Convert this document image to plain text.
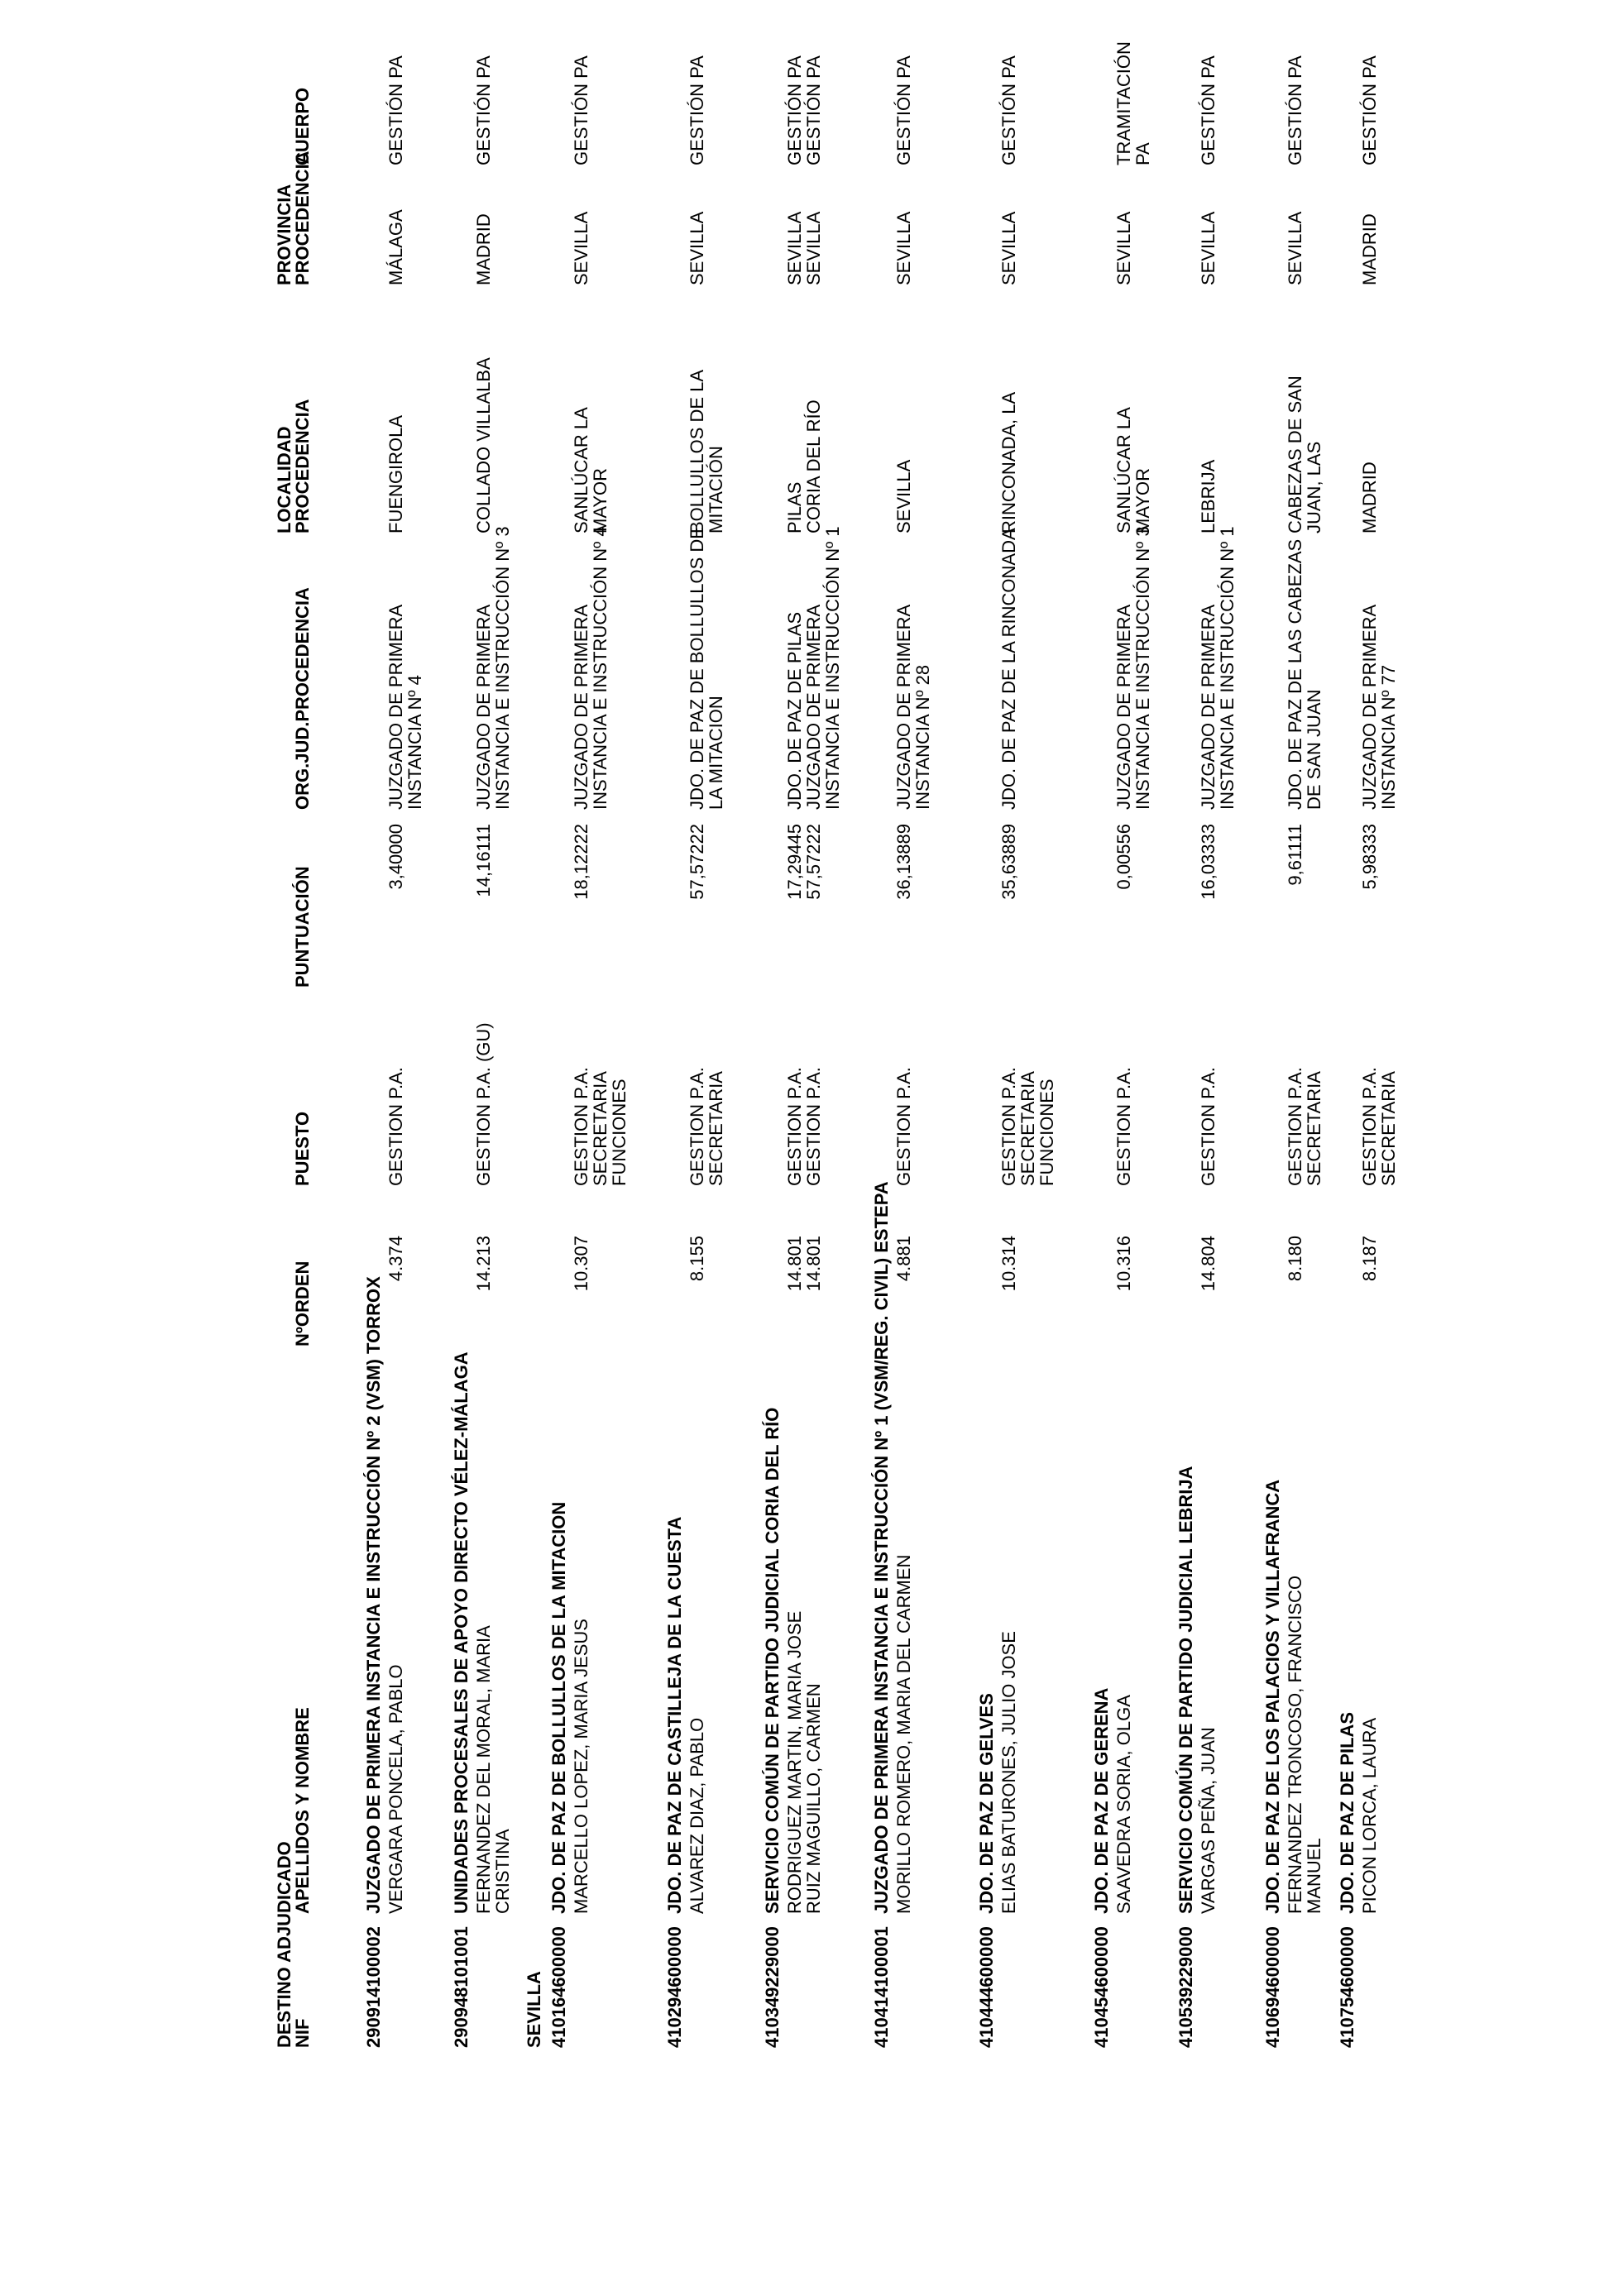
DESTINO ADJUDICADO
NIF
APELLIDOS Y NOMBRE
NºORDEN
PUESTO
PUNTUACIÓN
ORG.JUD.PROCEDENCIA
LOCALIDAD
PROCEDENCIA
PROVINCIA
PROCEDENCIA
CUERPO
SEVILLA
290914100002
JUZGADO DE PRIMERA INSTANCIA E INSTRUCCIÓN Nº 2 (VSM) TORROX VERGARA PONCELA, PABLO
4.374
GESTION P.A.
3,40000
JUZGADO DE PRIMERA
INSTANCIA Nº 4
FUENGIROLA
MÁLAGA
GESTIÓN PA
290948101001
UNIDADES PROCESALES DE APOYO DIRECTO VÉLEZ-MÁLAGA FERNANDEZ DEL MORAL, MARIA
CRISTINA
14.213
GESTION P.A. (GU)
14,16111
JUZGADO DE PRIMERA
INSTANCIA E INSTRUCCIÓN Nº 3
COLLADO VILLALBA
MADRID
GESTIÓN PA
410164600000
JDO. DE PAZ DE BOLLULLOS DE LA MITACION MARCELLO LOPEZ, MARIA JESUS
10.307
GESTION P.A.
SECRETARIA
FUNCIONES
18,12222
JUZGADO DE PRIMERA
INSTANCIA E INSTRUCCIÓN Nº 4
SANLÚCAR LA
MAYOR
SEVILLA
GESTIÓN PA
410294600000
JDO. DE PAZ DE CASTILLEJA DE LA CUESTA ALVAREZ DIAZ, PABLO
8.155
GESTION P.A.
SECRETARIA
57,57222
JDO. DE PAZ DE BOLLULLOS DE
LA MITACION
BOLLULLOS DE LA
MITACIÓN
SEVILLA
GESTIÓN PA
410349229000
SERVICIO COMÚN DE PARTIDO JUDICIAL CORIA DEL RÍO RODRIGUEZ MARTIN, MARIA JOSE
14.801
GESTION P.A.
17,29445
JDO. DE PAZ DE PILAS
PILAS
SEVILLA
GESTIÓN PA
RUIZ MAGUILLO, CARMEN
14.801
GESTION P.A.
57,57222
JUZGADO DE PRIMERA
INSTANCIA E INSTRUCCIÓN Nº 1
CORIA DEL RÍO
SEVILLA
GESTIÓN PA
410414100001
JUZGADO DE PRIMERA INSTANCIA E INSTRUCCIÓN Nº 1 (VSM/REG. CIVIL) ESTEPA MORILLO ROMERO, MARIA DEL CARMEN
4.881
GESTION P.A.
36,13889
JUZGADO DE PRIMERA
INSTANCIA Nº 28
SEVILLA
SEVILLA
GESTIÓN PA
410444600000
JDO. DE PAZ DE GELVES ELIAS BATURONES, JULIO JOSE
10.314
GESTION P.A.
SECRETARIA
FUNCIONES
35,63889
JDO. DE PAZ DE LA RINCONADA
RINCONADA, LA
SEVILLA
GESTIÓN PA
410454600000
JDO. DE PAZ DE GERENA SAAVEDRA SORIA, OLGA
10.316
GESTION P.A.
0,00556
JUZGADO DE PRIMERA
INSTANCIA E INSTRUCCIÓN Nº 3
SANLÚCAR LA
MAYOR
SEVILLA
TRAMITACIÓN
PA
410539229000
SERVICIO COMÚN DE PARTIDO JUDICIAL LEBRIJA VARGAS PEÑA, JUAN
14.804
GESTION P.A.
16,03333
JUZGADO DE PRIMERA
INSTANCIA E INSTRUCCIÓN Nº 1
LEBRIJA
SEVILLA
GESTIÓN PA
410694600000
JDO. DE PAZ DE LOS PALACIOS Y VILLAFRANCA FERNANDEZ TRONCOSO, FRANCISCO
MANUEL
8.180
GESTION P.A.
SECRETARIA
9,61111
JDO. DE PAZ DE LAS CABEZAS
DE SAN JUAN
CABEZAS DE SAN
JUAN, LAS
SEVILLA
GESTIÓN PA
410754600000
JDO. DE PAZ DE PILAS PICON LORCA, LAURA
8.187
GESTION P.A.
SECRETARIA
5,98333
JUZGADO DE PRIMERA
INSTANCIA Nº 77
MADRID
MADRID
GESTIÓN PA
